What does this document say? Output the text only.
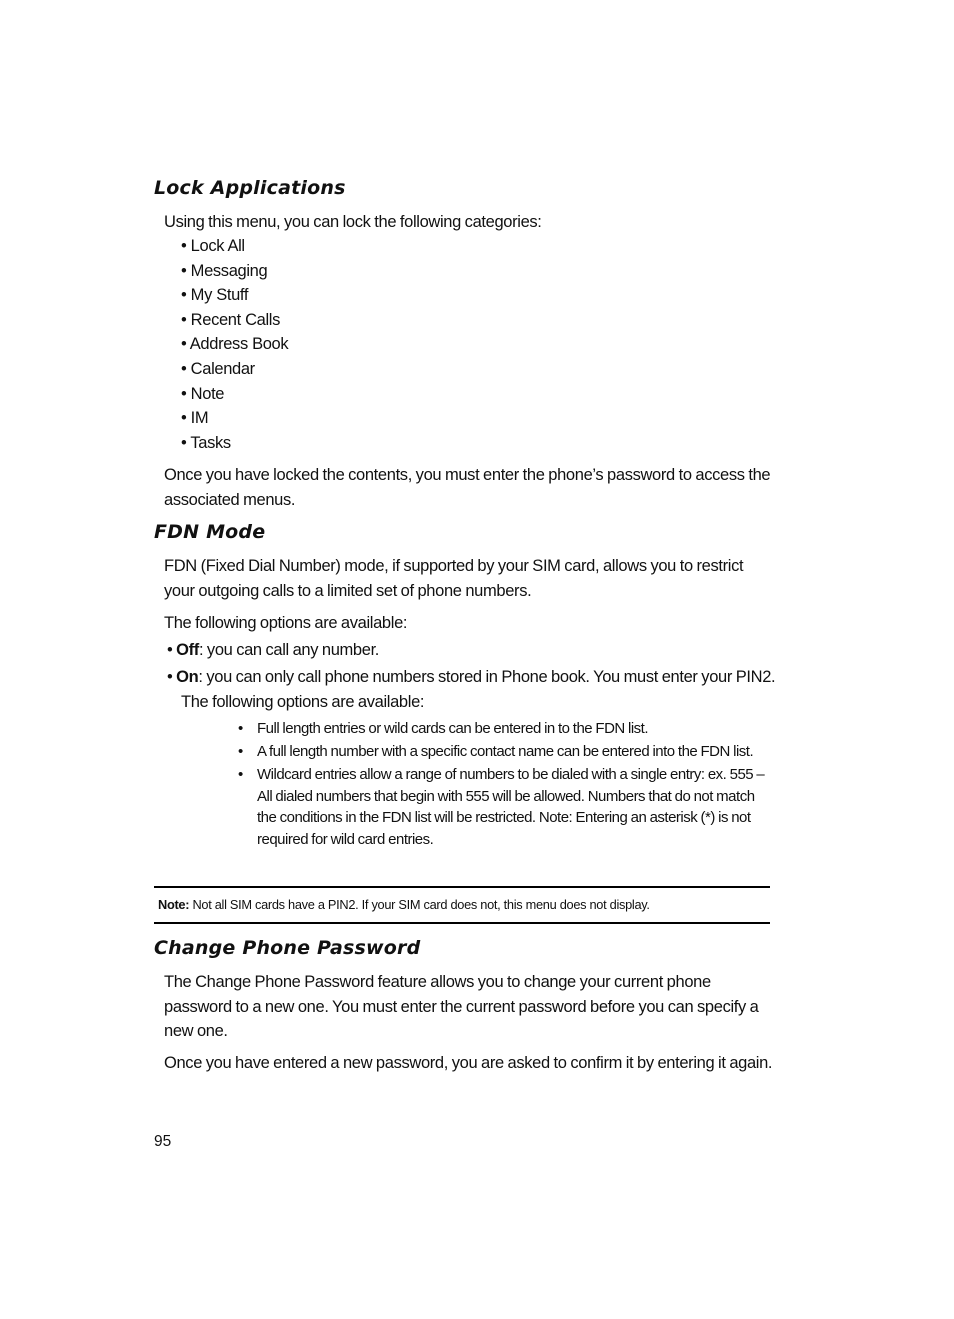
Lock Applications

Using this menu, you can lock the following categories:

• Lock All
• Messaging
• My Stuff
• Recent Calls
• Address Book
• Calendar
• Note
• IM
• Tasks

Once you have locked the contents, you must enter the phone’s password to access the associated menus.

FDN Mode

FDN (Fixed Dial Number) mode, if supported by your SIM card, allows you to restrict your outgoing calls to a limited set of phone numbers.

The following options are available:

• Off: you can call any number.
• On: you can only call phone numbers stored in Phone book. You must enter your PIN2. The following options are available:
• Full length entries or wild cards can be entered in to the FDN list.
• A full length number with a specific contact name can be entered into the FDN list.
• Wildcard entries allow a range of numbers to be dialed with a single entry: ex. 555 – All dialed numbers that begin with 555 will be allowed. Numbers that do not match the conditions in the FDN list will be restricted. Note: Entering an asterisk (*) is not required for wild card entries.

Note: Not all SIM cards have a PIN2. If your SIM card does not, this menu does not display.

Change Phone Password

The Change Phone Password feature allows you to change your current phone password to a new one. You must enter the current password before you can specify a new one.

Once you have entered a new password, you are asked to confirm it by entering it again.

95
